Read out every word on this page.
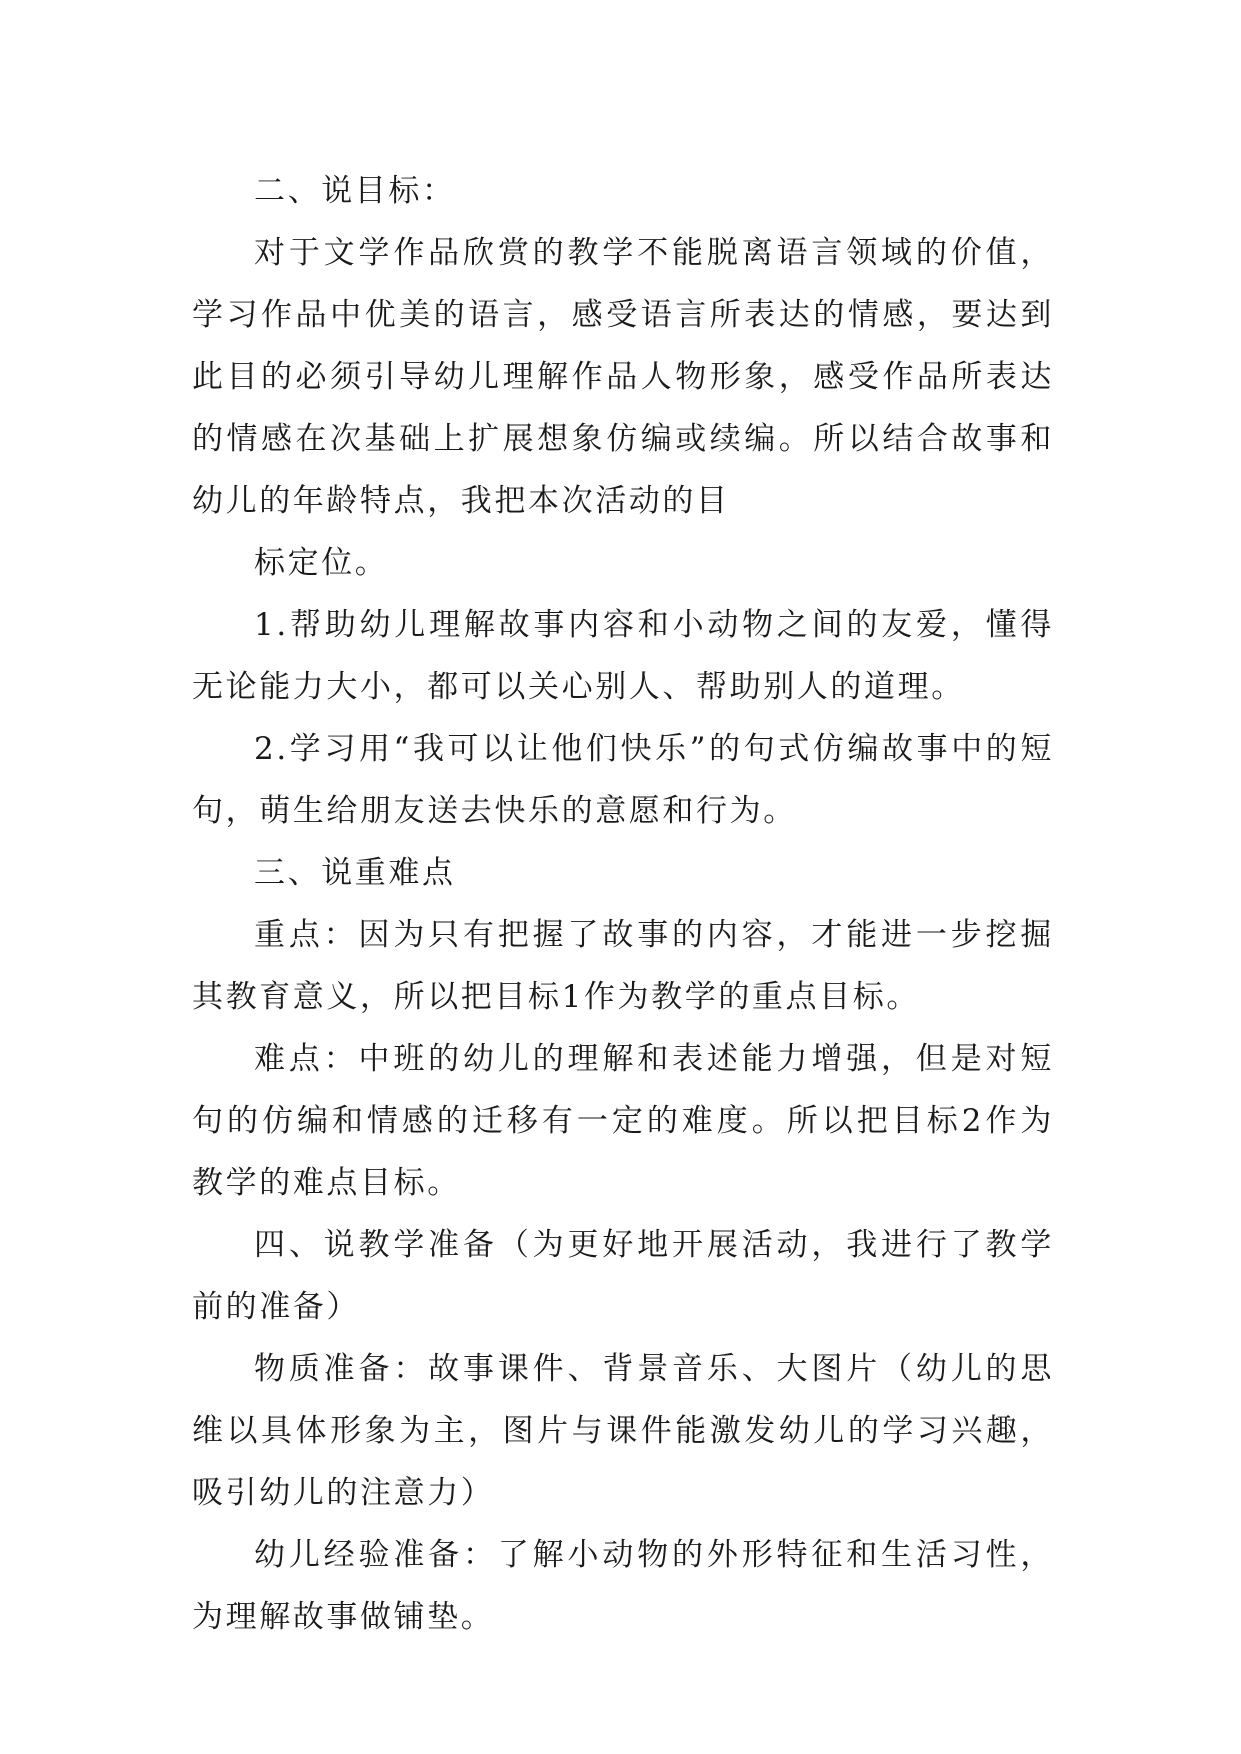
二、说目标：

对于文学作品欣赏的教学不能脱离语言领域的价值，学习作品中优美的语言，感受语言所表达的情感，要达到此目的必须引导幼儿理解作品人物形象，感受作品所表达的情感在次基础上扩展想象仿编或续编。所以结合故事和幼儿的年龄特点，我把本次活动的目

标定位。

1.帮助幼儿理解故事内容和小动物之间的友爱，懂得无论能力大小，都可以关心别人、帮助别人的道理。

2.学习用“我可以让他们快乐”的句式仿编故事中的短句，萌生给朋友送去快乐的意愿和行为。

三、说重难点

重点：因为只有把握了故事的内容，才能进一步挖掘其教育意义，所以把目标1作为教学的重点目标。

难点：中班的幼儿的理解和表述能力增强，但是对短句的仿编和情感的迁移有一定的难度。所以把目标2作为教学的难点目标。

四、说教学准备（为更好地开展活动，我进行了教学前的准备）

物质准备：故事课件、背景音乐、大图片（幼儿的思维以具体形象为主，图片与课件能激发幼儿的学习兴趣，吸引幼儿的注意力）

幼儿经验准备：了解小动物的外形特征和生活习性，为理解故事做铺垫。
